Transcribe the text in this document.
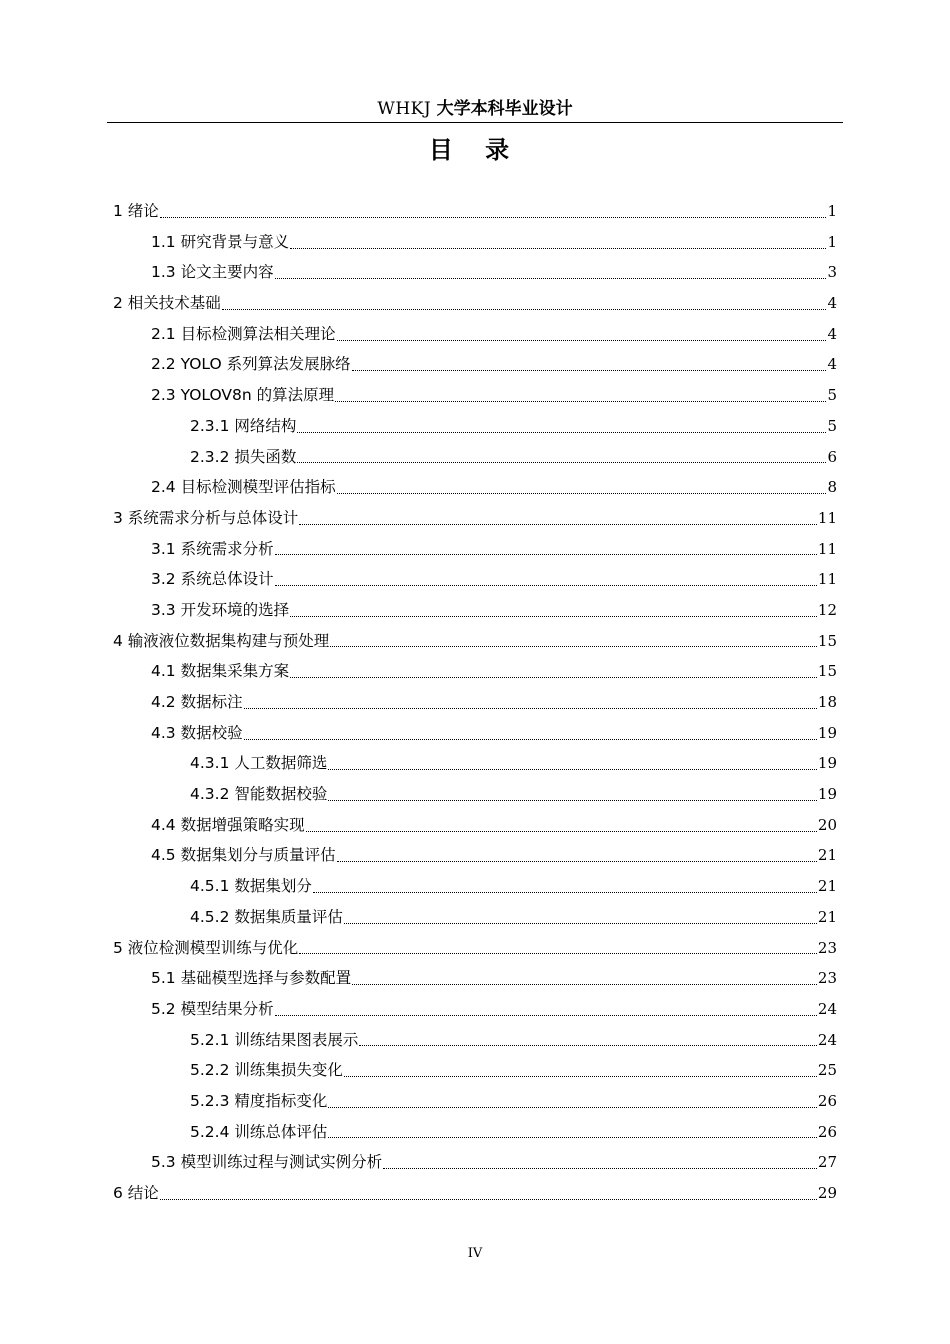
WHKJ 大学本科毕业设计
目 录
1 绪论	1
1.1 研究背景与意义	1
1.3 论文主要内容	3
2 相关技术基础	4
2.1 目标检测算法相关理论	4
2.2 YOLO 系列算法发展脉络	4
2.3 YOLOV8n 的算法原理	5
2.3.1 网络结构	5
2.3.2 损失函数	6
2.4 目标检测模型评估指标	8
3 系统需求分析与总体设计	11
3.1 系统需求分析	11
3.2 系统总体设计	11
3.3 开发环境的选择	12
4 输液液位数据集构建与预处理	15
4.1 数据集采集方案	15
4.2 数据标注	18
4.3 数据校验	19
4.3.1 人工数据筛选	19
4.3.2 智能数据校验	19
4.4 数据增强策略实现	20
4.5 数据集划分与质量评估	21
4.5.1 数据集划分	21
4.5.2 数据集质量评估	21
5 液位检测模型训练与优化	23
5.1 基础模型选择与参数配置	23
5.2 模型结果分析	24
5.2.1 训练结果图表展示	24
5.2.2 训练集损失变化	25
5.2.3 精度指标变化	26
5.2.4 训练总体评估	26
5.3 模型训练过程与测试实例分析	27
6 结论	29
IV
